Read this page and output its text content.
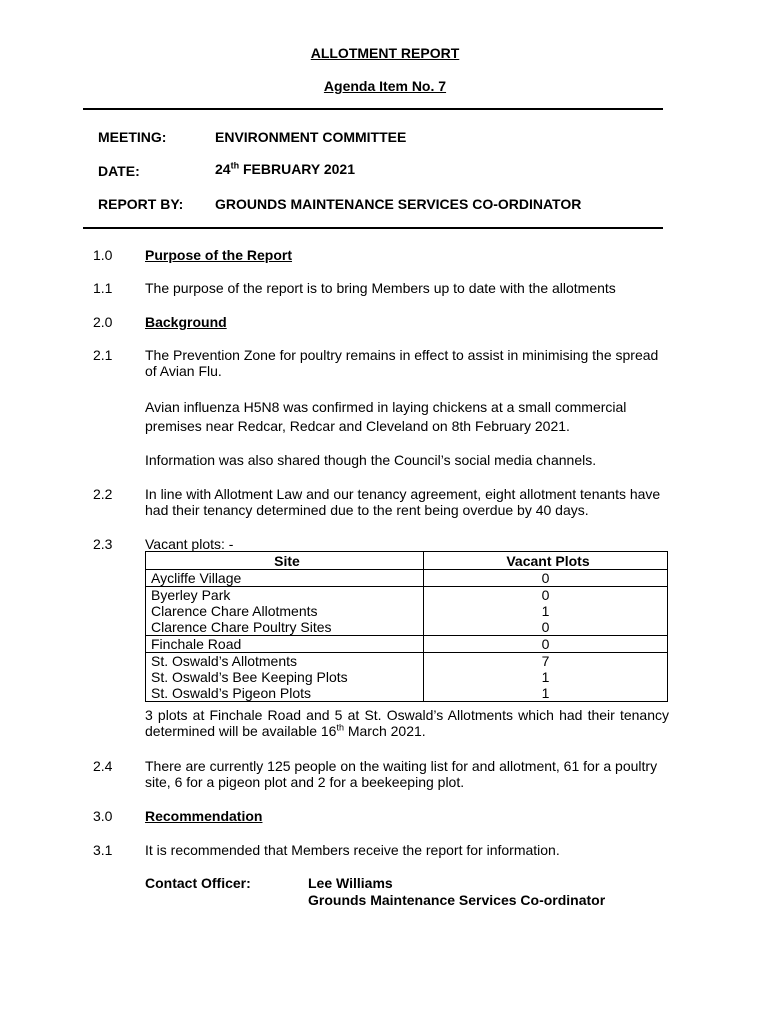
ALLOTMENT REPORT
Agenda Item No. 7
MEETING:	ENVIRONMENT COMMITTEE
DATE:	24th FEBRUARY 2021
REPORT BY: GROUNDS MAINTENANCE SERVICES CO-ORDINATOR
1.0 Purpose of the Report
1.1 The purpose of the report is to bring Members up to date with the allotments
2.0 Background
2.1 The Prevention Zone for poultry remains in effect to assist in minimising the spread of Avian Flu.
Avian influenza H5N8 was confirmed in laying chickens at a small commercial premises near Redcar, Redcar and Cleveland on 8th February 2021.
Information was also shared though the Council’s social media channels.
2.2 In line with Allotment Law and our tenancy agreement, eight allotment tenants have had their tenancy determined due to the rent being overdue by 40 days.
2.3 Vacant plots: -
Site	Vacant Plots
Aycliffe Village	0
Byerley Park	0
Clarence Chare Allotments	1
Clarence Chare Poultry Sites	0
Finchale Road	0
St. Oswald’s Allotments	7
St. Oswald’s Bee Keeping Plots	1
St. Oswald’s Pigeon Plots	1
3 plots at Finchale Road and 5 at St. Oswald’s Allotments which had their tenancy determined will be available 16th March 2021.
2.4 There are currently 125 people on the waiting list for and allotment, 61 for a poultry site, 6 for a pigeon plot and 2 for a beekeeping plot.
3.0 Recommendation
3.1 It is recommended that Members receive the report for information.
Contact Officer:	Lee Williams
Grounds Maintenance Services Co-ordinator
